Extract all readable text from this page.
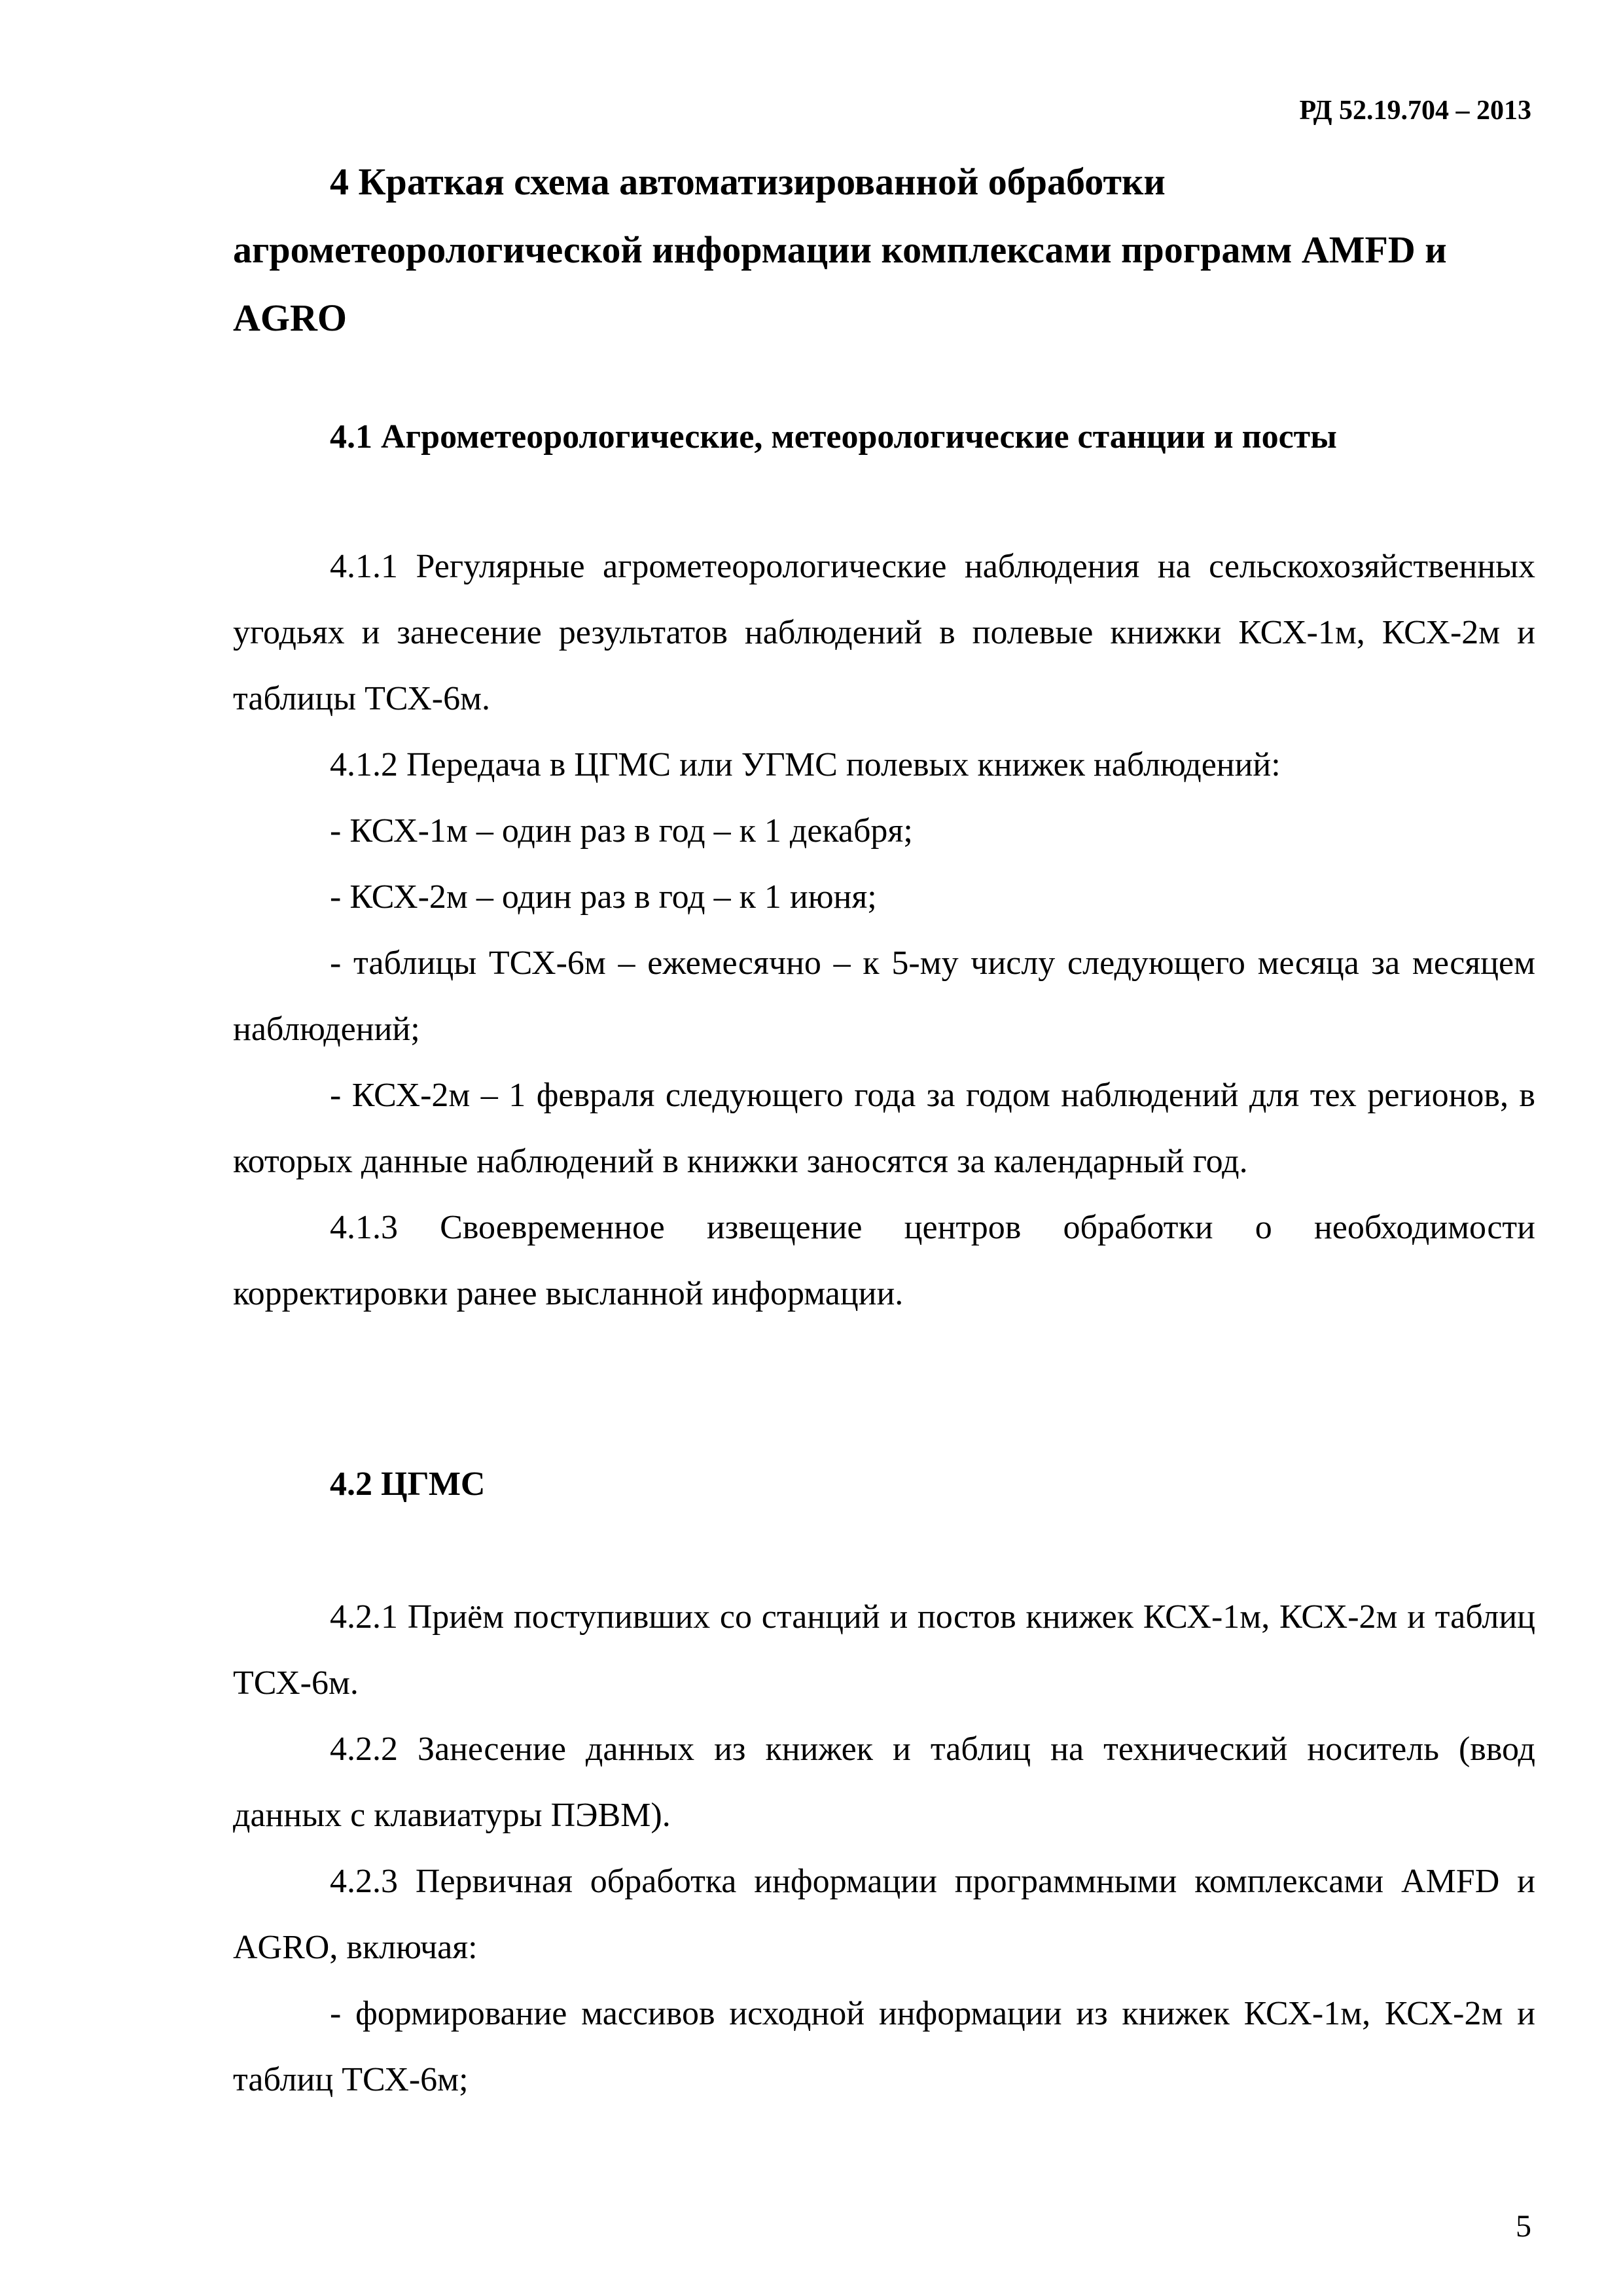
РД 52.19.704 – 2013
4 Краткая схема автоматизированной обработки агрометеорологической информации комплексами программ AMFD и AGRO
4.1 Агрометеорологические, метеорологические станции и посты

4.1.1 Регулярные агрометеорологические наблюдения на сельскохозяйственных угодьях и занесение результатов наблюдений в полевые книжки КСХ-1м, КСХ-2м и таблицы ТСХ-6м.

4.1.2 Передача в ЦГМС или УГМС полевых книжек наблюдений:

- КСХ-1м – один раз в год – к 1 декабря;

- КСХ-2м – один раз в год – к 1 июня;

- таблицы ТСХ-6м – ежемесячно – к 5-му числу следующего месяца за месяцем наблюдений;

- КСХ-2м – 1 февраля следующего года за годом наблюдений для тех регионов, в которых данные наблюдений в книжки заносятся за календарный год.

4.1.3 Своевременное извещение центров обработки о необходимости корректировки ранее высланной информации.

4.2 ЦГМС

4.2.1 Приём поступивших со станций и постов книжек КСХ-1м, КСХ-2м и таблиц ТСХ-6м.

4.2.2 Занесение данных из книжек и таблиц на технический носитель (ввод данных с клавиатуры ПЭВМ).

4.2.3 Первичная обработка информации программными комплексами AMFD и AGRO, включая:

- формирование массивов исходной информации из книжек КСХ-1м, КСХ-2м и таблиц ТСХ-6м;

5
